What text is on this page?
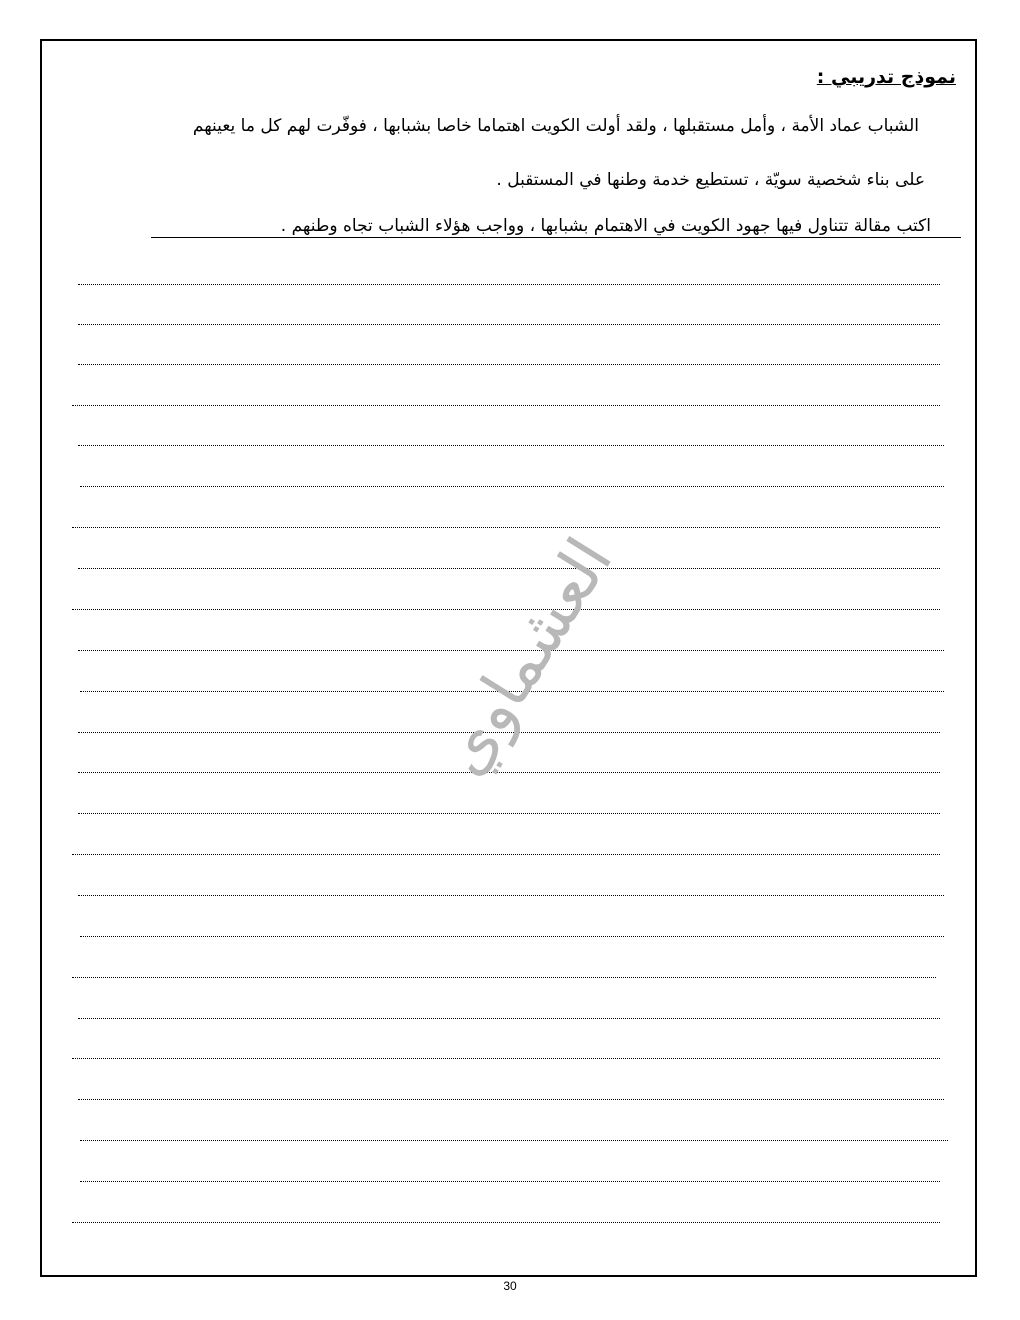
نموذج تدريبي :
الشباب عماد الأمة ، وأمل مستقبلها ، ولقد أولت الكويت اهتماما خاصا بشبابها ، فوفّرت لهم كل ما يعينهم
على بناء شخصية سويّة ، تستطيع خدمة وطنها في المستقبل .
اكتب مقالة تتناول فيها جهود الكويت في الاهتمام بشبابها ، وواجب هؤلاء الشباب تجاه وطنهم .
العشماوي
30
